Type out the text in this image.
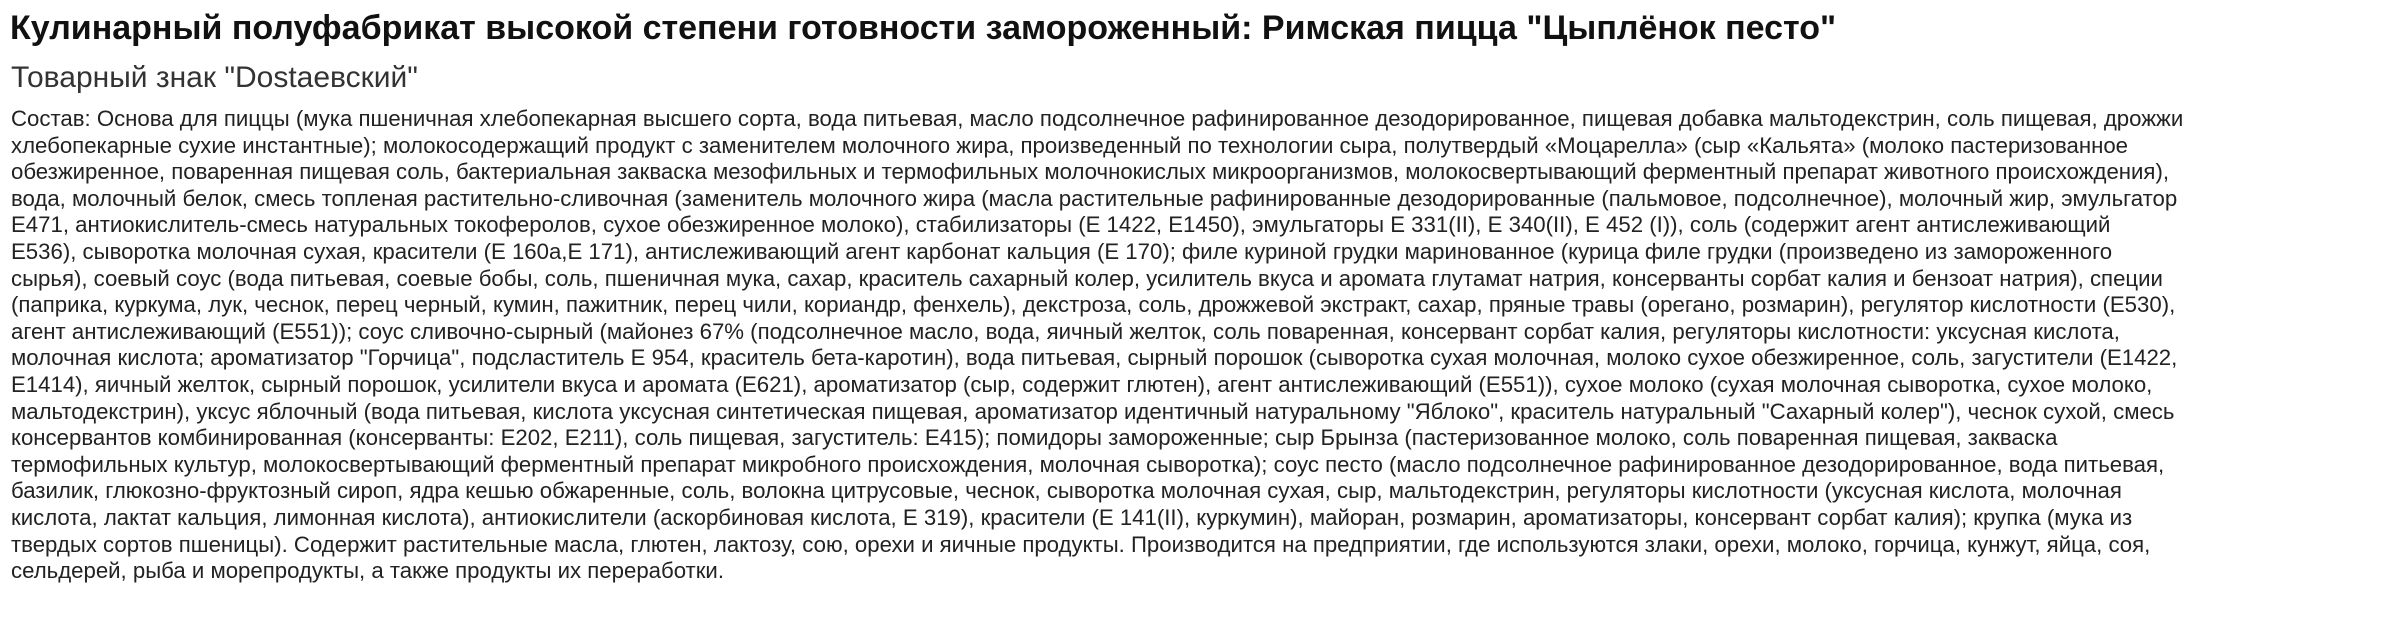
Кулинарный полуфабрикат высокой степени готовности замороженный: Римская пицца "Цыплёнок песто"

Товарный знак "Dostaевский"

Состав: Основа для пиццы (мука пшеничная хлебопекарная высшего сорта, вода питьевая, масло подсолнечное рафинированное дезодорированное, пищевая добавка мальтодекстрин, соль пищевая, дрожжи
хлебопекарные сухие инстантные); молокосодержащий продукт с заменителем молочного жира, произведенный по технологии сыра, полутвердый «Моцарелла» (сыр «Кальята» (молоко пастеризованное
обезжиренное, поваренная пищевая соль, бактериальная закваска мезофильных и термофильных молочнокислых микроорганизмов, молокосвертывающий ферментный препарат животного происхождения),
вода, молочный белок, смесь топленая растительно-сливочная (заменитель молочного жира (масла растительные рафинированные дезодорированные (пальмовое, подсолнечное), молочный жир, эмульгатор
Е471, антиокислитель-смесь натуральных токоферолов, сухое обезжиренное молоко), стабилизаторы (Е 1422, Е1450), эмульгаторы Е 331(II), Е 340(II), Е 452 (I)), соль (содержит агент антислеживающий
Е536), сыворотка молочная сухая, красители (Е 160а,Е 171), антислеживающий агент карбонат кальция (Е 170); филе куриной грудки маринованное (курица филе грудки (произведено из замороженного
сырья), соевый соус (вода питьевая, соевые бобы, соль, пшеничная мука, сахар, краситель сахарный колер, усилитель вкуса и аромата глутамат натрия, консерванты сорбат калия и бензоат натрия), специи
(паприка, куркума, лук, чеснок, перец черный, кумин, пажитник, перец чили, кориандр, фенхель), декстроза, соль, дрожжевой экстракт, сахар, пряные травы (орегано, розмарин), регулятор кислотности (Е530),
агент антислеживающий (Е551)); соус сливочно-сырный (майонез 67% (подсолнечное масло, вода, яичный желток, соль поваренная, консервант сорбат калия, регуляторы кислотности: уксусная кислота,
молочная кислота; ароматизатор "Горчица", подсластитель Е 954, краситель бета-каротин), вода питьевая, сырный порошок (сыворотка сухая молочная, молоко сухое обезжиренное, соль, загустители (Е1422,
Е1414), яичный желток, сырный порошок, усилители вкуса и аромата (Е621), ароматизатор (сыр, содержит глютен), агент антислеживающий (Е551)), сухое молоко (сухая молочная сыворотка, сухое молоко,
мальтодекстрин), уксус яблочный (вода питьевая, кислота уксусная синтетическая пищевая, ароматизатор идентичный натуральному "Яблоко", краситель натуральный "Сахарный колер"), чеснок сухой, смесь
консервантов комбинированная (консерванты: Е202, Е211), соль пищевая, загуститель: Е415); помидоры замороженные; сыр Брынза (пастеризованное молоко, соль поваренная пищевая, закваска
термофильных культур, молокосвертывающий ферментный препарат микробного происхождения, молочная сыворотка); соус песто (масло подсолнечное рафинированное дезодорированное, вода питьевая,
базилик, глюкозно-фруктозный сироп, ядра кешью обжаренные, соль, волокна цитрусовые, чеснок, сыворотка молочная сухая, сыр, мальтодекстрин, регуляторы кислотности (уксусная кислота, молочная
кислота, лактат кальция, лимонная кислота), антиокислители (аскорбиновая кислота, Е 319), красители (Е 141(II), куркумин), майоран, розмарин, ароматизаторы, консервант сорбат калия); крупка (мука из
твердых сортов пшеницы). Содержит растительные масла, глютен, лактозу, сою, орехи и яичные продукты. Производится на предприятии, где используются злаки, орехи, молоко, горчица, кунжут, яйца, соя,
сельдерей, рыба и морепродукты, а также продукты их переработки.
